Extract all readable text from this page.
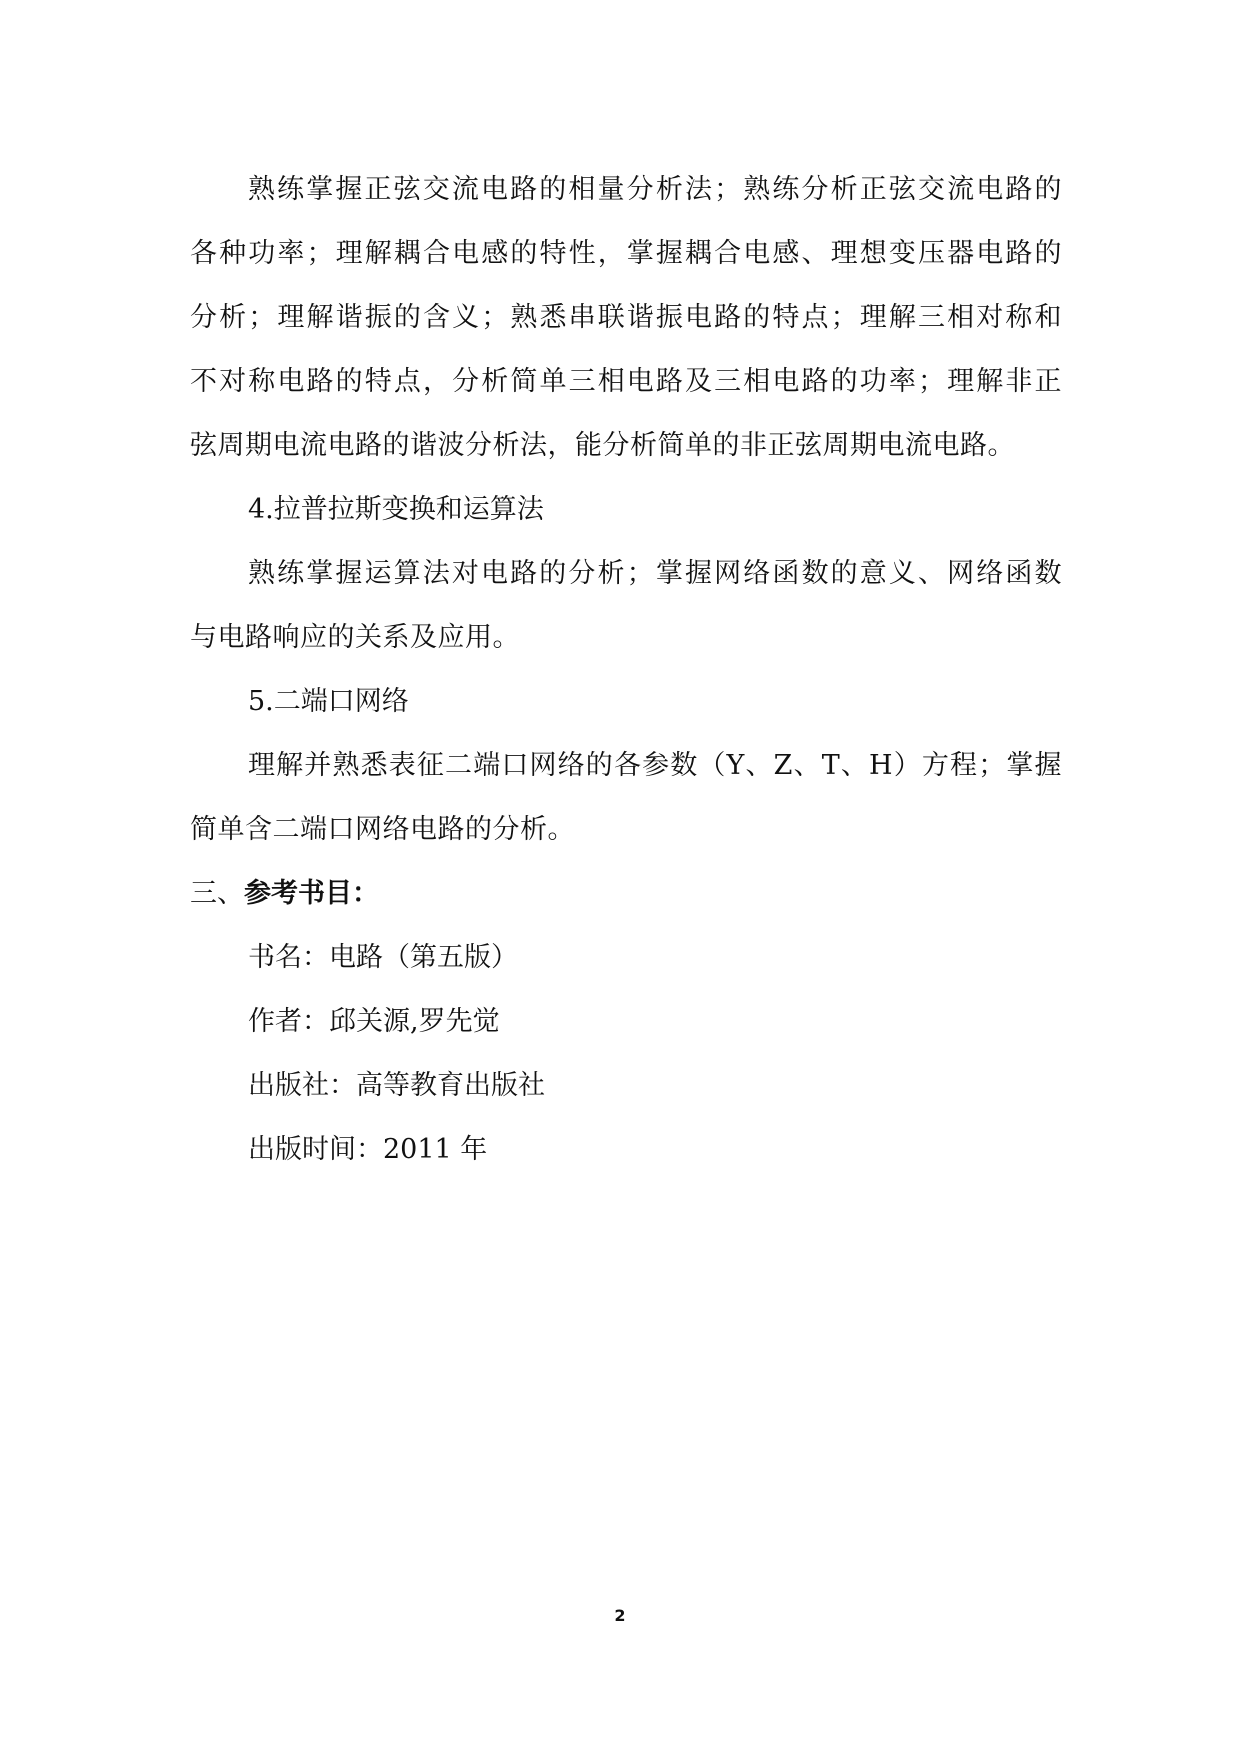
熟练掌握正弦交流电路的相量分析法；熟练分析正弦交流电路的
各种功率；理解耦合电感的特性，掌握耦合电感、理想变压器电路的
分析；理解谐振的含义；熟悉串联谐振电路的特点；理解三相对称和
不对称电路的特点，分析简单三相电路及三相电路的功率；理解非正
弦周期电流电路的谐波分析法，能分析简单的非正弦周期电流电路。
4.拉普拉斯变换和运算法
熟练掌握运算法对电路的分析；掌握网络函数的意义、网络函数
与电路响应的关系及应用。
5.二端口网络
理解并熟悉表征二端口网络的各参数（Y、Z、T、H）方程；掌握
简单含二端口网络电路的分析。
三、参考书目：
书名：电路（第五版）
作者：邱关源,罗先觉
出版社：高等教育出版社
出版时间：2011 年
2
